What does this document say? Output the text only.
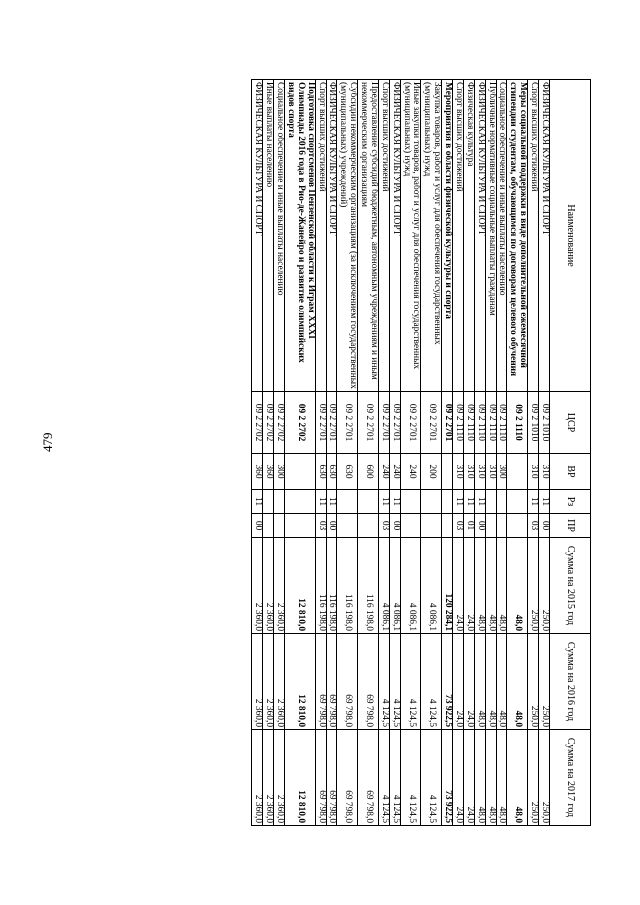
479
Наименование	ЦСР	ВР	Рз	ПР	Сумма на 2015 год	Сумма на 2016 год	Сумма на 2017 год
ФИЗИЧЕСКАЯ КУЛЬТУРА И СПОРТ	09 2 1010	310	11	00	250,0	250,0	250,0
Спорт высших достижений	09 2 1010	310	11	03	250,0	250,0	250,0
Меры социальной поддержки в виде дополнительной ежемесячной стипендии студентам, обучающимся по договорам целевого обучения	09 2 1110				48,0	48,0	48,0
Социальное обеспечение и иные выплаты населению	09 2 1110	300			48,0	48,0	48,0
Публичные нормативные социальные выплаты гражданам	09 2 1110	310			48,0	48,0	48,0
ФИЗИЧЕСКАЯ КУЛЬТУРА И СПОРТ	09 2 1110	310	11	00	48,0	48,0	48,0
Физическая культура	09 2 1110	310	11	01	24,0	24,0	24,0
Спорт высших достижений	09 2 1110	310	11	03	24,0	24,0	24,0
Мероприятия в области физической культуры и спорта	09 2 2701				120 284,1	73 922,5	73 922,5
Закупка товаров, работ и услуг для обеспечения государственных (муниципальных) нужд	09 2 2701	200			4 086,1	4 124,5	4 124,5
Иные закупки товаров, работ и услуг для обеспечения государственных (муниципальных) нужд	09 2 2701	240			4 086,1	4 124,5	4 124,5
ФИЗИЧЕСКАЯ КУЛЬТУРА И СПОРТ	09 2 2701	240	11	00	4 086,1	4 124,5	4 124,5
Спорт высших достижений	09 2 2701	240	11	03	4 086,1	4 124,5	4 124,5
Предоставление субсидий бюджетным, автономным учреждениям и иным некоммерческим организациям	09 2 2701	600			116 198,0	69 798,0	69 798,0
Субсидии некоммерческим организациям (за исключением государственных (муниципальных) учреждений)	09 2 2701	630			116 198,0	69 798,0	69 798,0
ФИЗИЧЕСКАЯ КУЛЬТУРА И СПОРТ	09 2 2701	630	11	00	116 198,0	69 798,0	69 798,0
Спорт высших достижений	09 2 2701	630	11	03	116 198,0	69 798,0	69 798,0
Подготовка спортсменов Пензенской области к Играм XXXI Олимпиады 2016 года в Рио-де-Жанейро и развитие олимпийских видов спорта	09 2 2702				12 810,0	12 810,0	12 810,0
Социальное обеспечение и иные выплаты населению	09 2 2702	300			2 360,0	2 360,0	2 360,0
Иные выплаты населению	09 2 2702	360			2 360,0	2 360,0	2 360,0
ФИЗИЧЕСКАЯ КУЛЬТУРА И СПОРТ	09 2 2702	360	11	00	2 360,0	2 360,0	2 360,0
